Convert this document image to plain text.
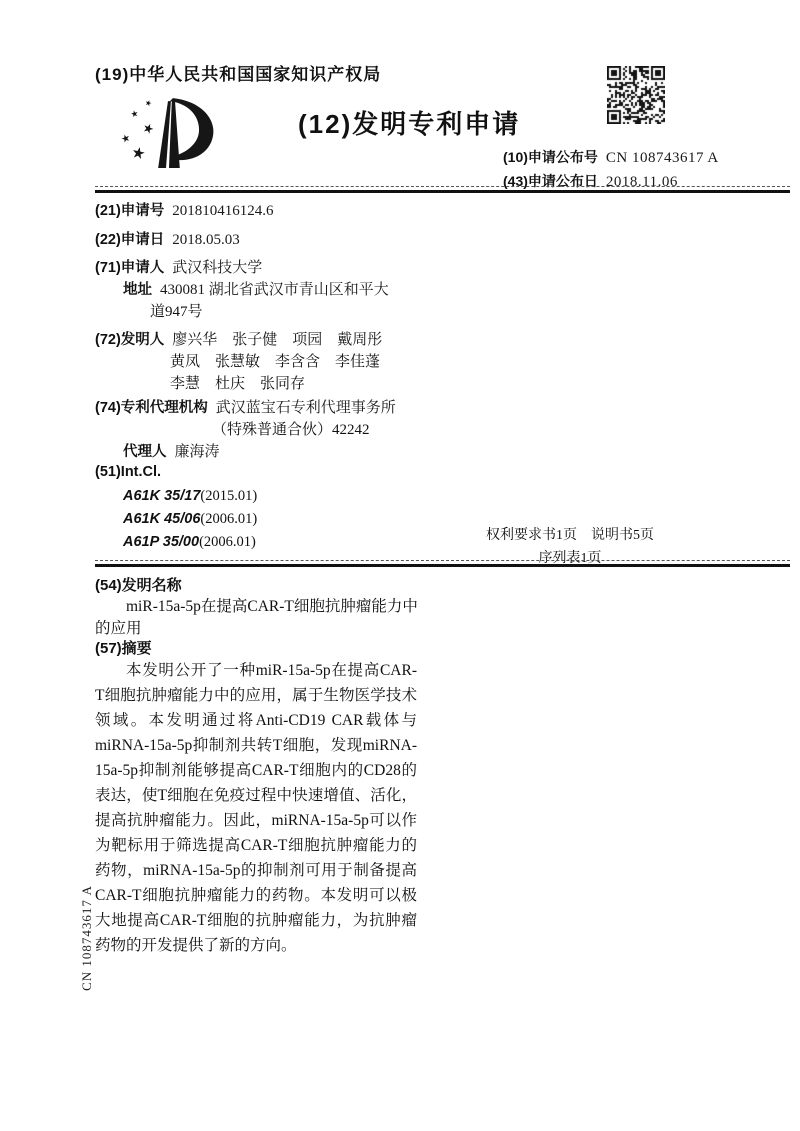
(19)中华人民共和国国家知识产权局
(12)发明专利申请
(10)申请公布号 CN 108743617 A
(43)申请公布日 2018.11.06
(21)申请号 201810416124.6
(22)申请日 2018.05.03
(71)申请人 武汉科技大学
地址 430081 湖北省武汉市青山区和平大
道947号
(72)发明人 廖兴华　张子健　项园　戴周彤
黄凤　张慧敏　李含含　李佳蓬
李慧　杜庆　张同存
(74)专利代理机构 武汉蓝宝石专利代理事务所
（特殊普通合伙）42242
代理人 廉海涛
(51)Int.Cl.
A61K 35/17(2015.01)
A61K 45/06(2006.01)
A61P 35/00(2006.01)	权利要求书1页　说明书5页
序列表1页
(54)发明名称
miR-15a-5p在提高CAR-T细胞抗肿瘤能力中的应用
(57)摘要
本发明公开了一种miR-15a-5p在提高CAR-T细胞抗肿瘤能力中的应用，属于生物医学技术领域。本发明通过将Anti-CD19 CAR载体与miRNA-15a-5p抑制剂共转T细胞，发现miRNA-15a-5p抑制剂能够提高CAR-T细胞内的CD28的表达，使T细胞在免疫过程中快速增值、活化，提高抗肿瘤能力。因此，miRNA-15a-5p可以作为靶标用于筛选提高CAR-T细胞抗肿瘤能力的药物，miRNA-15a-5p的抑制剂可用于制备提高CAR-T细胞抗肿瘤能力的药物。本发明可以极大地提高CAR-T细胞的抗肿瘤能力，为抗肿瘤药物的开发提供了新的方向。
CN 108743617 A
